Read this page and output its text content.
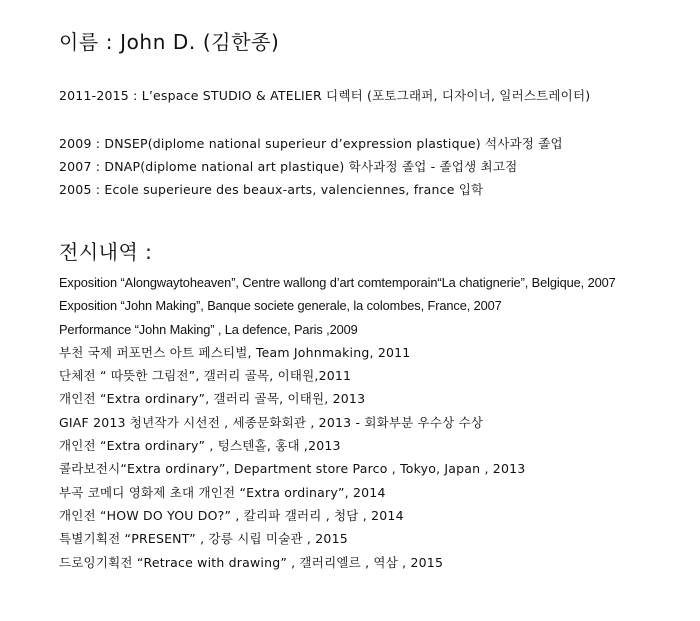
이름 : John D. (김한종)
2011-2015 : L’espace STUDIO & ATELIER 디렉터 (포토그래퍼, 디자이너, 일러스트레이터)
2009 : DNSEP(diplome national superieur d’expression plastique) 석사과정 졸업
2007 : DNAP(diplome national art plastique) 학사과정 졸업 - 졸업생 최고점
2005 : Ecole superieure des beaux-arts, valenciennes, france 입학
전시내역 :
Exposition “Alongwaytoheaven”, Centre wallong d’art comtemporain“La chatignerie”, Belgique, 2007
Exposition “John Making”, Banque societe generale, la colombes, France, 2007
Performance “John Making” , La defence, Paris ,2009
부천 국제 퍼포먼스 아트 페스티벌, Team Johnmaking, 2011
단체전 “ 따뜻한 그림전”, 갤러리 골목, 이태원,2011
개인전 “Extra ordinary”, 갤러리 골목, 이태원, 2013
GIAF 2013 청년작가 시선전 , 세종문화회관 , 2013 - 회화부분 우수상 수상
개인전 “Extra ordinary” , 텅스텐홀, 홍대 ,2013
콜라보전시“Extra ordinary”, Department store Parco , Tokyo, Japan , 2013
부곡 코메디 영화제 초대 개인전 “Extra ordinary”, 2014
개인전 “HOW DO YOU DO?” , 칼리파 갤러리 , 청담 , 2014
특별기획전 “PRESENT” , 강릉 시립 미술관 , 2015
드로잉기획전 “Retrace with drawing” , 갤러리엘르 , 역삼 , 2015
